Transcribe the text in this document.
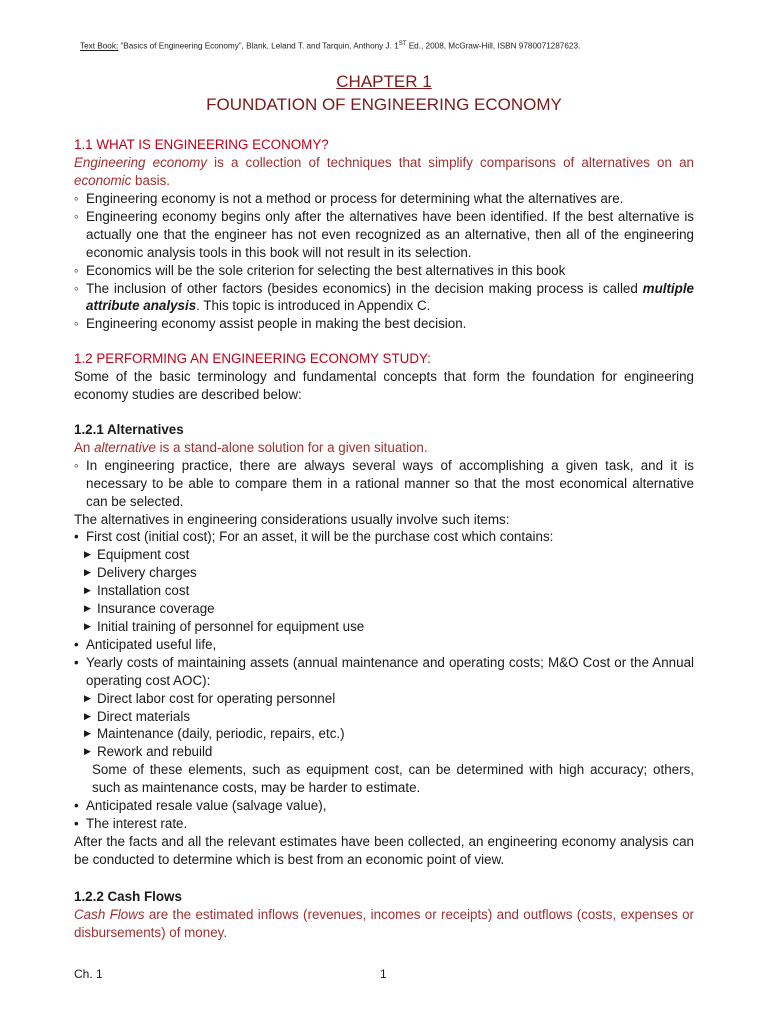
Text Book: “Basics of Engineering Economy”, Blank, Leland T. and Tarquin, Anthony J. 1ST Ed., 2008, McGraw-Hill, ISBN 9780071287623.
CHAPTER 1
FOUNDATION OF ENGINEERING ECONOMY

1.1 WHAT IS ENGINEERING ECONOMY?

Engineering economy is a collection of techniques that simplify comparisons of alternatives on an economic basis.
◦ Engineering economy is not a method or process for determining what the alternatives are.
◦ Engineering economy begins only after the alternatives have been identified. If the best alternative is actually one that the engineer has not even recognized as an alternative, then all of the engineering economic analysis tools in this book will not result in its selection.
◦ Economics will be the sole criterion for selecting the best alternatives in this book
◦ The inclusion of other factors (besides economics) in the decision making process is called multiple attribute analysis. This topic is introduced in Appendix C.
◦ Engineering economy assist people in making the best decision.

1.2 PERFORMING AN ENGINEERING ECONOMY STUDY:

Some of the basic terminology and fundamental concepts that form the foundation for engineering economy studies are described below:

1.2.1 Alternatives

An alternative is a stand-alone solution for a given situation.

◦ In engineering practice, there are always several ways of accomplishing a given task, and it is necessary to be able to compare them in a rational manner so that the most economical alternative can be selected.

The alternatives in engineering considerations usually involve such items:

• First cost (initial cost); For an asset, it will be the purchase cost which contains:
▶ Equipment cost
▶ Delivery charges
▶ Installation cost
▶ Insurance coverage
▶ Initial training of personnel for equipment use
• Anticipated useful life,
• Yearly costs of maintaining assets (annual maintenance and operating costs; M&O Cost or the Annual operating cost AOC):
▶ Direct labor cost for operating personnel
▶ Direct materials
▶ Maintenance (daily, periodic, repairs, etc.)
▶ Rework and rebuild

Some of these elements, such as equipment cost, can be determined with high accuracy; others, such as maintenance costs, may be harder to estimate.

• Anticipated resale value (salvage value),
• The interest rate.

After the facts and all the relevant estimates have been collected, an engineering economy analysis can be conducted to determine which is best from an economic point of view.

1.2.2 Cash Flows

Cash Flows are the estimated inflows (revenues, incomes or receipts) and outflows (costs, expenses or disbursements) of money.

Ch. 1	1
